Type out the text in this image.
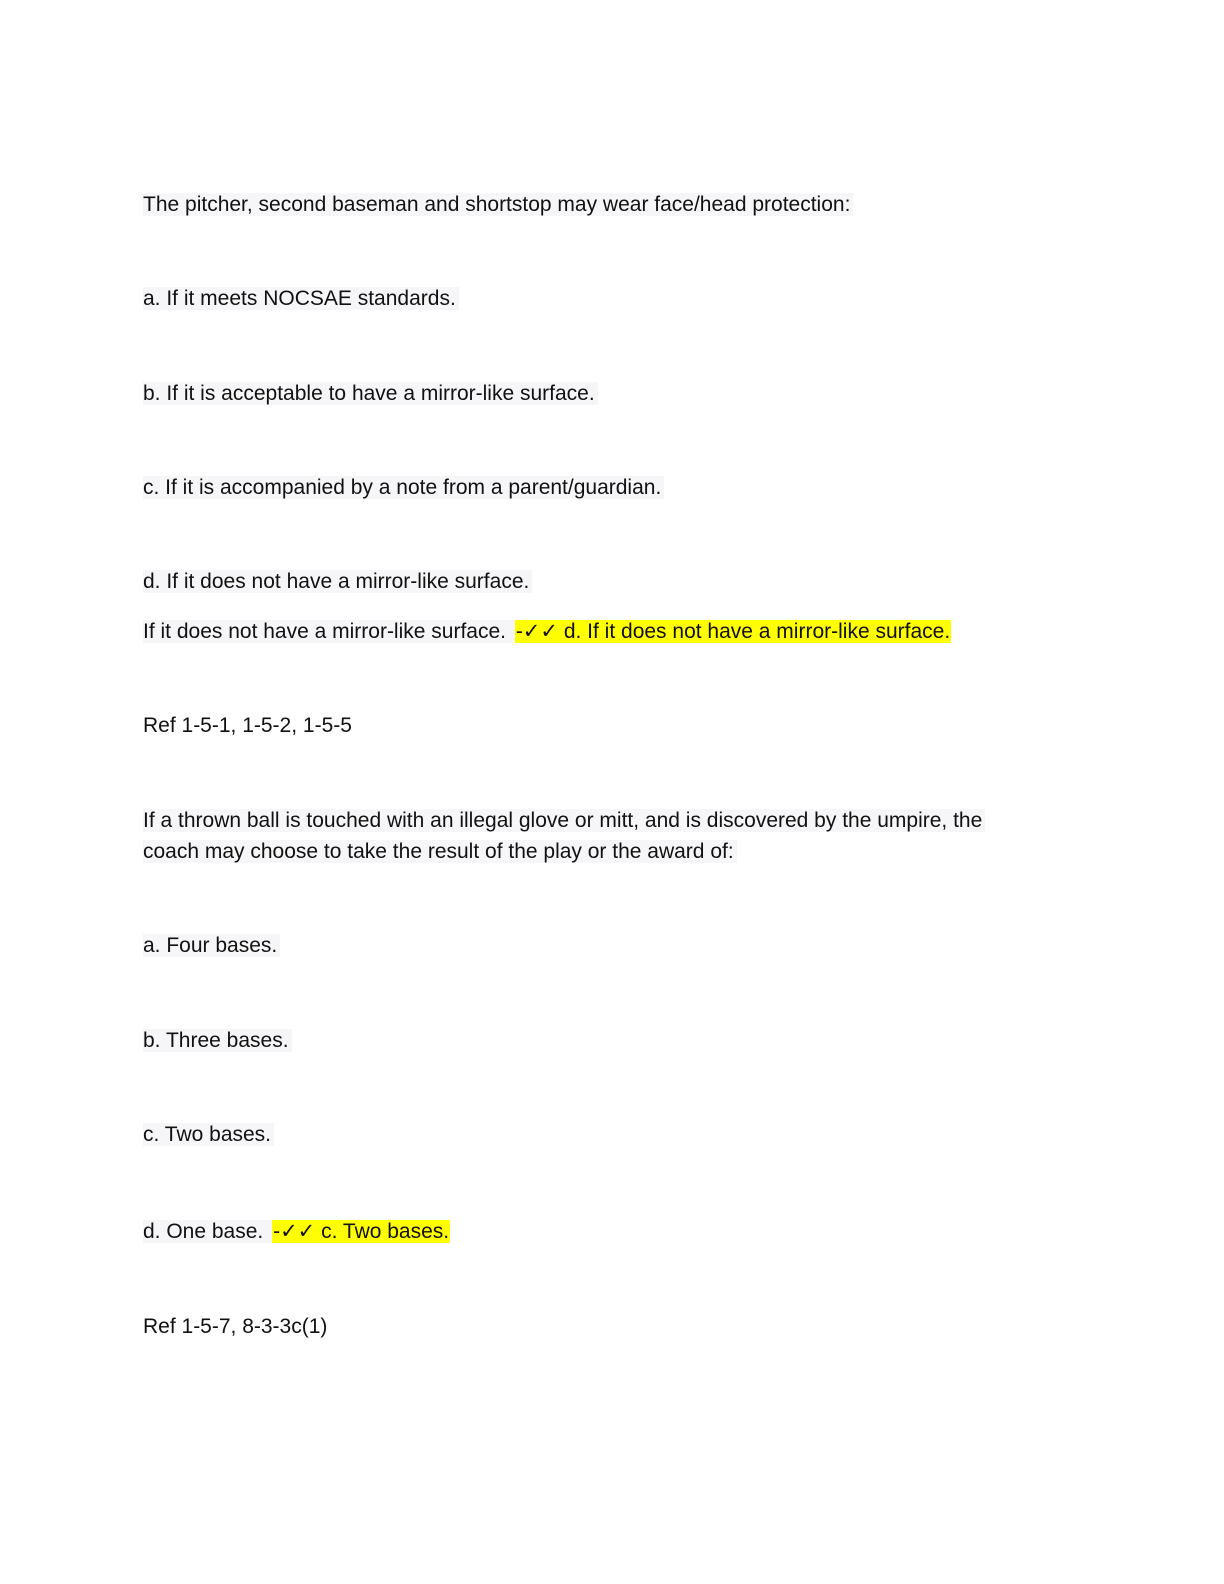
The pitcher, second baseman and shortstop may wear face/head protection:
a. If it meets NOCSAE standards.
b. If it is acceptable to have a mirror-like surface.
c. If it is accompanied by a note from a parent/guardian.
d. If it does not have a mirror-like surface.
If it does not have a mirror-like surface. -✓✓ d. If it does not have a mirror-like surface.
Ref 1-5-1, 1-5-2, 1-5-5
If a thrown ball is touched with an illegal glove or mitt, and is discovered by the umpire, the
coach may choose to take the result of the play or the award of:
a. Four bases.
b. Three bases.
c. Two bases.
d. One base. -✓✓ c. Two bases.
Ref 1-5-7, 8-3-3c(1)
